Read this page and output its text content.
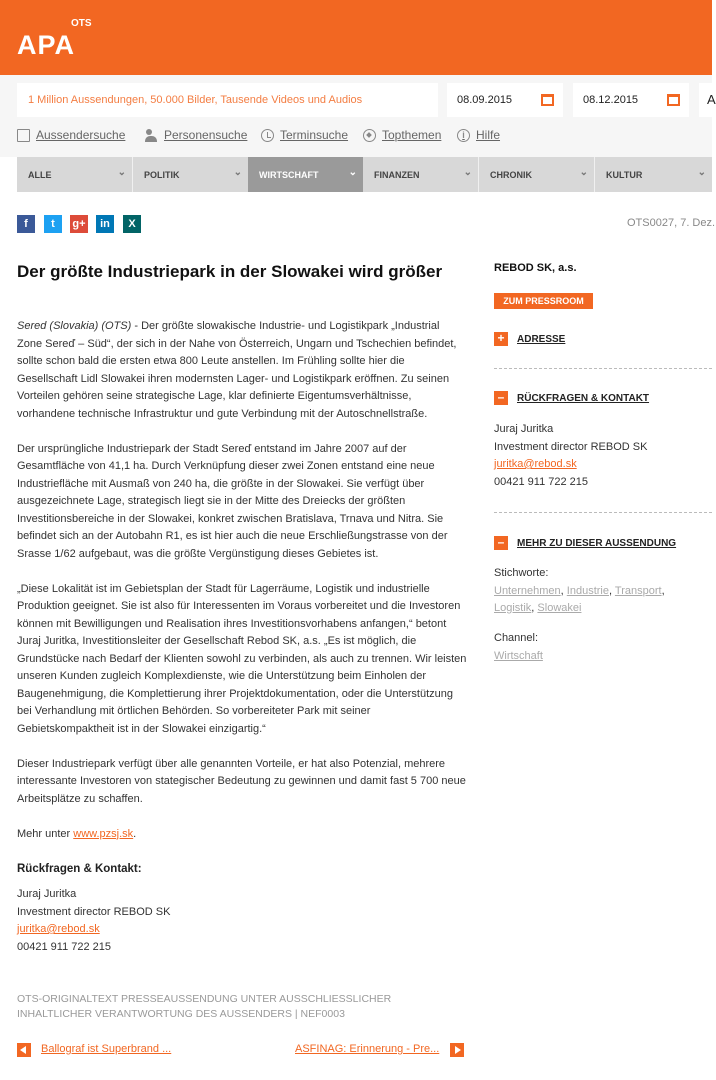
APA
OTS
1 Million Aussendungen, 50.000 Bilder, Tausende Videos und Audios
08.09.2015	08.12.2015	A
Aussendersuche	Personensuche	Terminsuche	Topthemen	i Hilfe
ALLE	⌄	POLITIK	⌄	WIRTSCHAFT	⌄	FINANZEN	⌄	CHRONIK	⌄	KULTUR	⌄
f	t	g+	in	X	OTS0027, 7. Dez.
Der größte Industriepark in der Slowakei wird größer

Sered (Slovakia) (OTS) - Der größte slowakische Industrie- und Logistikpark „Industrial Zone Sereď – Süd“, der sich in der Nahe von Österreich, Ungarn und Tschechien befindet, sollte schon bald die ersten etwa 800 Leute anstellen. Im Frühling sollte hier die Gesellschaft Lidl Slowakei ihren modernsten Lager- und Logistikpark eröffnen. Zu seinen Vorteilen gehören seine strategische Lage, klar definierte Eigentumsverhältnisse, vorhandene technische Infrastruktur und gute Verbindung mit der Autoschnellstraße.

Der ursprüngliche Industriepark der Stadt Sereď entstand im Jahre 2007 auf der Gesamtfläche von 41,1 ha. Durch Verknüpfung dieser zwei Zonen entstand eine neue Industriefläche mit Ausmaß von 240 ha, die größte in der Slowakei. Sie verfügt über ausgezeichnete Lage, strategisch liegt sie in der Mitte des Dreiecks der größten Investitionsbereiche in der Slowakei, konkret zwischen Bratislava, Trnava und Nitra. Sie befindet sich an der Autobahn R1, es ist hier auch die neue Erschließungstrasse von der Srasse 1/62 aufgebaut, was die größte Vergünstigung dieses Gebietes ist.

„Diese Lokalität ist im Gebietsplan der Stadt für Lagerräume, Logistik und industrielle Produktion geeignet. Sie ist also für Interessenten im Voraus vorbereitet und die Investoren können mit Bewilligungen und Realisation ihres Investitionsvorhabens anfangen,“ betont Juraj Juritka, Investitionsleiter der Gesellschaft Rebod SK, a.s. „Es ist möglich, die Grundstücke nach Bedarf der Klienten sowohl zu verbinden, als auch zu trennen. Wir leisten unseren Kunden zugleich Komplexdienste, wie die Unterstützung beim Einholen der Baugenehmigung, die Komplettierung ihrer Projektdokumentation, oder die Unterstützung bei Verhandlung mit örtlichen Behörden. So vorbereiteter Park mit seiner Gebietskompaktheit ist in der Slowakei einzigartig.“

Dieser Industriepark verfügt über alle genannten Vorteile, er hat also Potenzial, mehrere interessante Investoren von stategischer Bedeutung zu gewinnen und damit fast 5 700 neue Arbeitsplätze zu schaffen.

Mehr unter www.pzsj.sk.

Rückfragen & Kontakt:
Juraj Juritka
Investment director REBOD SK
juritka@rebod.sk
00421 911 722 215
OTS-ORIGINALTEXT PRESSEAUSSENDUNG UNTER AUSSCHLIESSLICHER INHALTLICHER VERANTWORTUNG DES AUSSENDERS | NEF0003
Ballograf ist Superbrand ...	ASFINAG: Erinnerung - Pre...
REBOD SK, a.s.
ZUM PRESSROOM
+	ADRESSE
–	RÜCKFRAGEN & KONTAKT
Juraj Juritka
Investment director REBOD SK
juritka@rebod.sk
00421 911 722 215
–	MEHR ZU DIESER AUSSENDUNG
Stichworte:
Unternehmen, Industrie, Transport,
Logistik, Slowakei
Channel:
Wirtschaft
